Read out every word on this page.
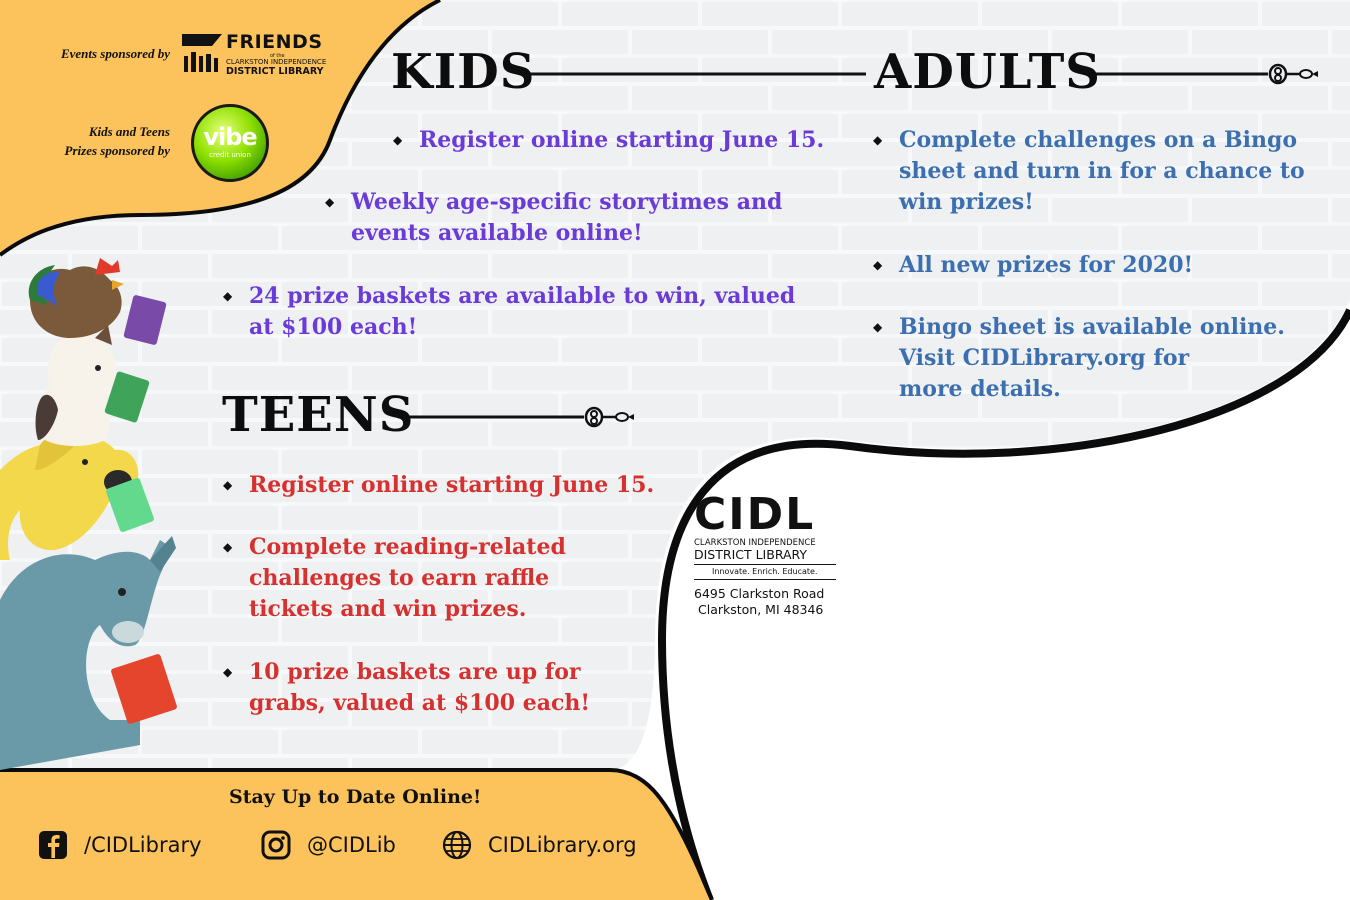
Events sponsored by
FRIENDS
of the
CLARKSTON INDEPENDENCE
DISTRICT LIBRARY
Kids and Teens
Prizes sponsored by	vibe
credit union
KIDS	ADULTS
TEENS
◆ Register online starting June 15.
◆ Weekly age-specific storytimes and
events available online!
◆ 24 prize baskets are available to win, valued
at $100 each!
◆ Complete challenges on a Bingo
sheet and turn in for a chance to
win prizes!
◆ All new prizes for 2020!
◆ Bingo sheet is available online.
Visit CIDLibrary.org for
more details.
◆ Register online starting June 15.
◆ Complete reading-related
challenges to earn raffle
tickets and win prizes.
◆ 10 prize baskets are up for
grabs, valued at $100 each!
CIDL
CLARKSTON INDEPENDENCE
DISTRICT LIBRARY
Innovate. Enrich. Educate.
6495 Clarkston Road
Clarkston, MI 48346
Stay Up to Date Online!
/CIDLibrary	@CIDLib	CIDLibrary.org
